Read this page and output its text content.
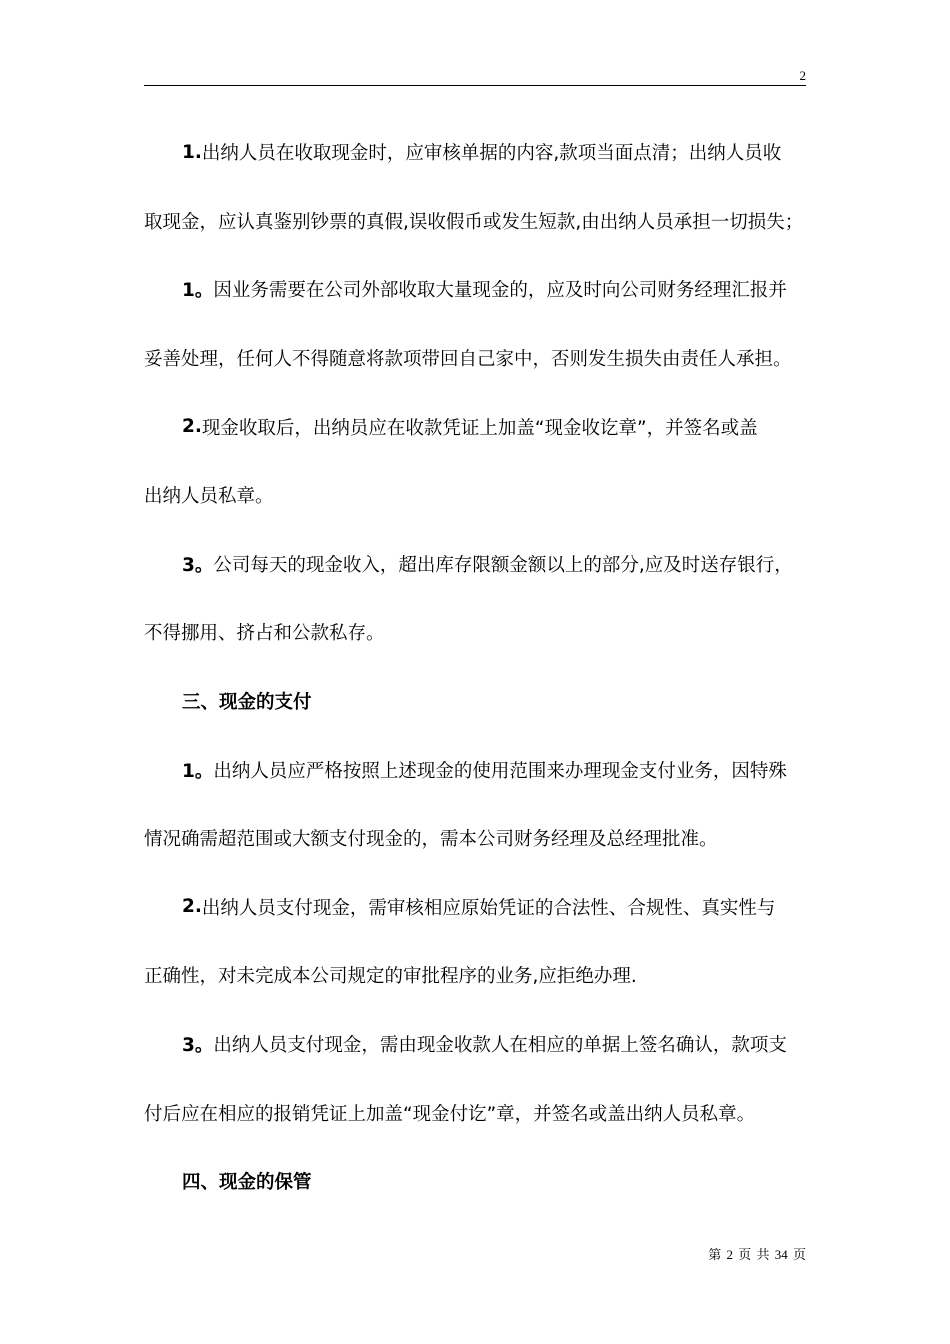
2
1. 出纳人员在收取现金时，应审核单据的内容,款项当面点清；出纳人员收
取现金，应认真鉴别钞票的真假,误收假币或发生短款,由出纳人员承担一切损失；
1。 因业务需要在公司外部收取大量现金的，应及时向公司财务经理汇报并
妥善处理，任何人不得随意将款项带回自己家中，否则发生损失由责任人承担。
2. 现金收取后，出纳员应在收款凭证上加盖“现金收讫章”，并签名或盖
出纳人员私章。
3。 公司每天的现金收入，超出库存限额金额以上的部分,应及时送存银行，
不得挪用、挤占和公款私存。
三、现金的支付
1。 出纳人员应严格按照上述现金的使用范围来办理现金支付业务，因特殊
情况确需超范围或大额支付现金的，需本公司财务经理及总经理批准。
2. 出纳人员支付现金，需审核相应原始凭证的合法性、合规性、真实性与
正确性，对未完成本公司规定的审批程序的业务,应拒绝办理.
3。 出纳人员支付现金，需由现金收款人在相应的单据上签名确认，款项支
付后应在相应的报销凭证上加盖“现金付讫”章，并签名或盖出纳人员私章。
四、现金的保管
第 2 页 共 34 页
